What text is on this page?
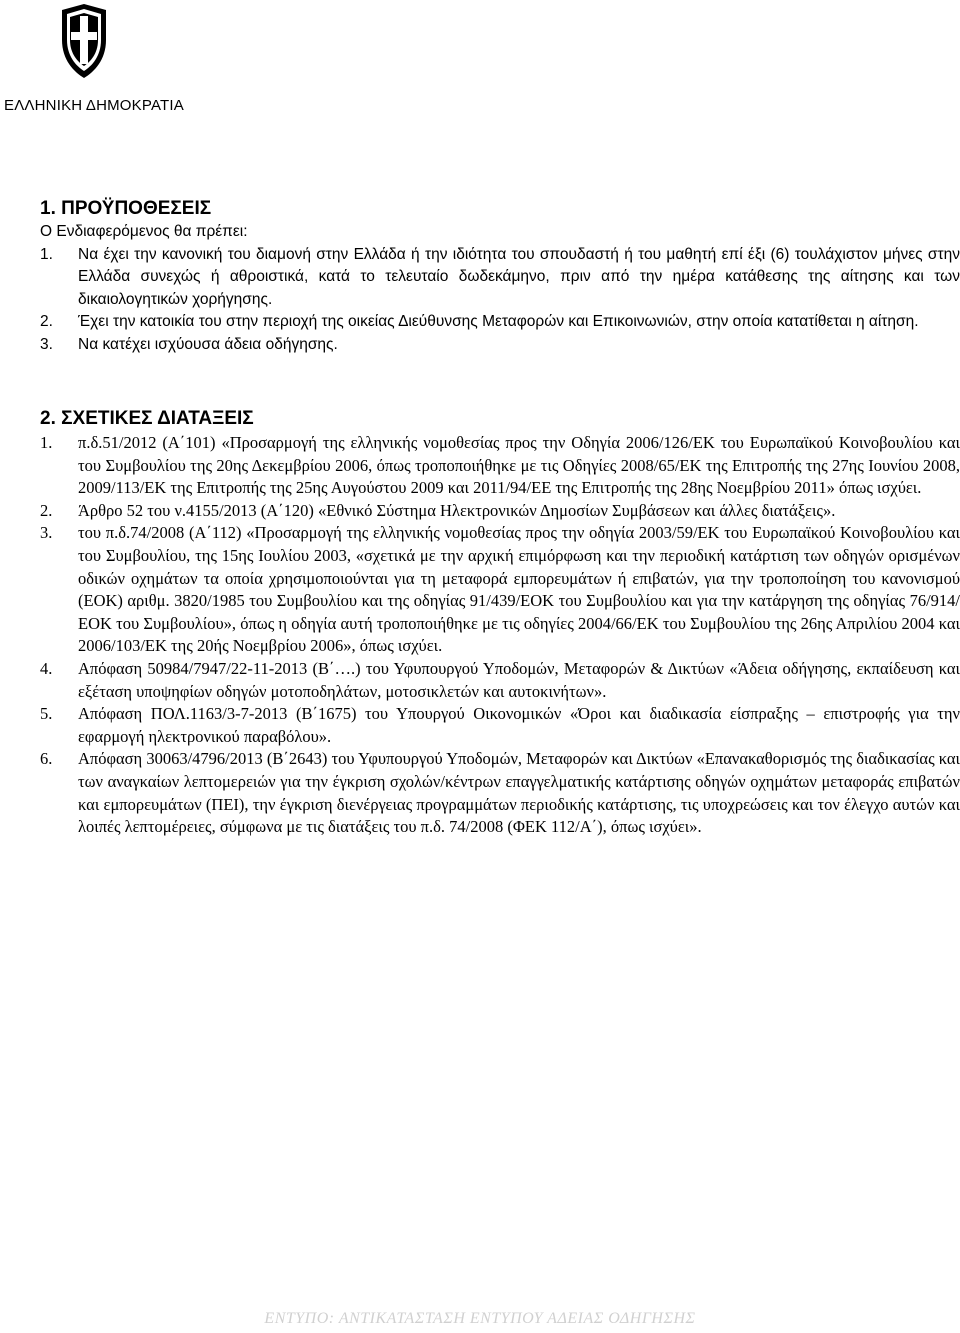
ΕΛΛΗΝΙΚΗ ΔΗΜΟΚΡΑΤΙΑ
1. ΠΡΟΫΠΟΘΕΣΕΙΣ
Ο Ενδιαφερόμενος θα πρέπει:
1. Να έχει την κανονική του διαμονή στην Ελλάδα ή την ιδιότητα του σπουδαστή ή του μαθητή επί έξι (6) τουλάχιστον μήνες στην Ελλάδα συνεχώς ή αθροιστικά, κατά το τελευταίο δωδεκάμηνο, πριν από την ημέρα κατάθεσης της αίτησης και των δικαιολογητικών χορήγησης.
2. Έχει την κατοικία του στην περιοχή της οικείας Διεύθυνσης Μεταφορών και Επικοινωνιών, στην οποία κατατίθεται η αίτηση.
3. Να κατέχει ισχύουσα άδεια οδήγησης.
2. ΣΧΕΤΙΚΕΣ ΔΙΑΤΑΞΕΙΣ
1. π.δ.51/2012 (Α΄101) «Προσαρμογή της ελληνικής νομοθεσίας προς την Οδηγία 2006/126/ΕΚ του Ευρωπαϊκού Κοινοβουλίου και του Συμβουλίου της 20ης Δεκεμβρίου 2006, όπως τροποποιήθηκε με τις Οδηγίες 2008/65/ΕΚ της Επιτροπής της 27ης Ιουνίου 2008, 2009/113/ΕΚ της Επιτροπής της 25ης Αυγούστου 2009 και 2011/94/ΕΕ της Επιτροπής της 28ης Νοεμβρίου 2011» όπως ισχύει.
2. Άρθρο 52 του ν.4155/2013 (Α΄120) «Εθνικό Σύστημα Ηλεκτρονικών Δημοσίων Συμβάσεων και άλλες διατάξεις».
3. του π.δ.74/2008 (Α΄112) «Προσαρμογή της ελληνικής νομοθεσίας προς την οδηγία 2003/59/ΕΚ του Ευρωπαϊκού Κοινοβουλίου και του Συμβουλίου, της 15ης Ιουλίου 2003, «σχετικά με την αρχική επιμόρφωση και την περιοδική κατάρτιση των οδηγών ορισμένων οδικών οχημάτων τα οποία χρησιμοποιούνται για τη μεταφορά εμπορευμάτων ή επιβατών, για την τροποποίηση του κανονισμού (ΕΟΚ) αριθμ. 3820/1985 του Συμβουλίου και της οδηγίας 91/439/ΕΟΚ του Συμβουλίου και για την κατάργηση της οδηγίας 76/914/ΕΟΚ του Συμβουλίου», όπως η οδηγία αυτή τροποποιήθηκε με τις οδηγίες 2004/66/ΕΚ του Συμβουλίου της 26ης Απριλίου 2004 και 2006/103/ΕΚ της 20ής Νοεμβρίου 2006», όπως ισχύει.
4. Απόφαση 50984/7947/22-11-2013 (Β΄….) του Υφυπουργού Υποδομών, Μεταφορών & Δικτύων «Άδεια οδήγησης, εκπαίδευση και εξέταση υποψηφίων οδηγών μοτοποδηλάτων, μοτοσικλετών και αυτοκινήτων».
5. Απόφαση ΠΟΛ.1163/3-7-2013 (Β΄1675) του Υπουργού Οικονομικών «Όροι και διαδικασία είσπραξης – επιστροφής για την εφαρμογή ηλεκτρονικού παραβόλου».
6. Απόφαση 30063/4796/2013 (Β΄2643) του Υφυπουργού Υποδομών, Μεταφορών και Δικτύων «Επανακαθορισμός της διαδικασίας και των αναγκαίων λεπτομερειών για την έγκριση σχολών/κέντρων επαγγελματικής κατάρτισης οδηγών οχημάτων μεταφοράς επιβατών και εμπορευμάτων (ΠΕΙ), την έγκριση διενέργειας προγραμμάτων περιοδικής κατάρτισης, τις υποχρεώσεις και τον έλεγχο αυτών και λοιπές λεπτομέρειες, σύμφωνα με τις διατάξεις του π.δ. 74/2008 (ΦΕΚ 112/Α΄), όπως ισχύει».
ΕΝΤΥΠΟ: ΑΝΤΙΚΑΤΑΣΤΑΣΗ ΕΝΤΥΠΟΥ ΑΔΕΙΑΣ ΟΔΗΓΗΣΗΣ
